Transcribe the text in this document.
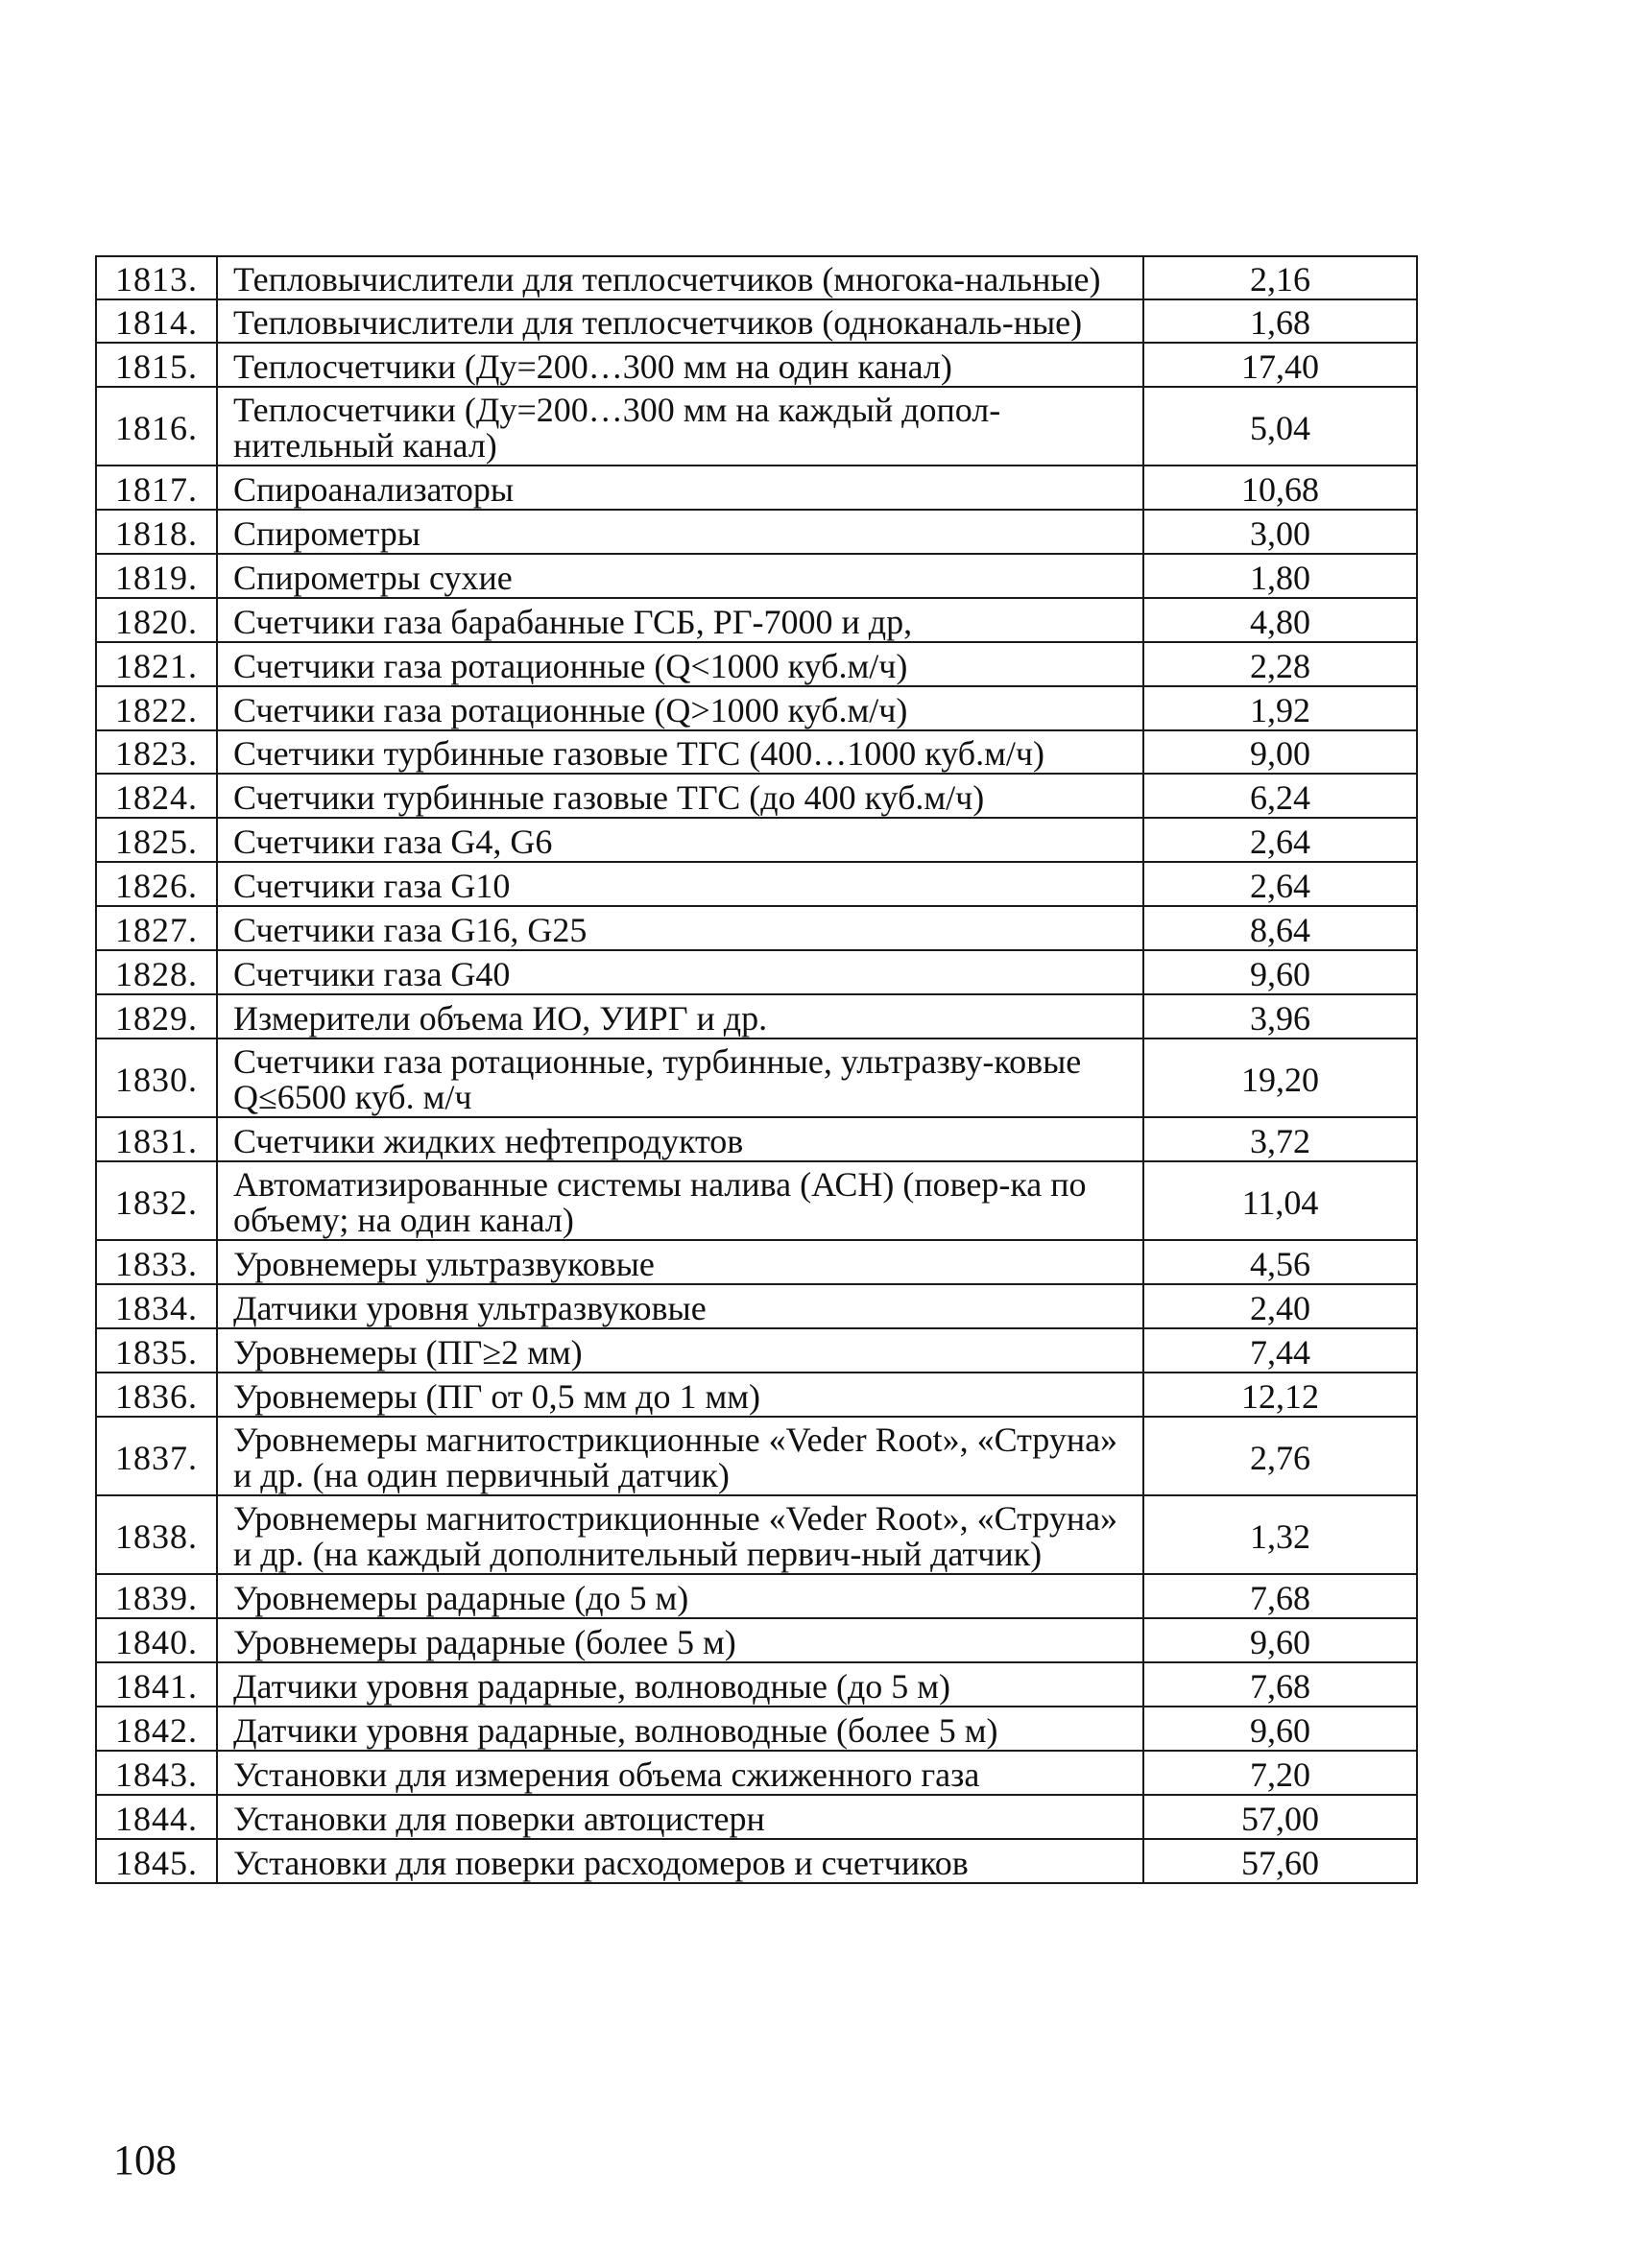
1813.	Тепловычислители для теплосчетчиков (многока-нальные)	2,16
1814.	Тепловычислители для теплосчетчиков (одноканаль-ные)	1,68
1815.	Теплосчетчики (Ду=200…300 мм на один канал)	17,40
1816.	Теплосчетчики (Ду=200…300 мм на каждый допол-нительный канал)	5,04
1817.	Спироанализаторы	10,68
1818.	Спирометры	3,00
1819.	Спирометры сухие	1,80
1820.	Счетчики газа барабанные ГСБ, РГ-7000 и др,	4,80
1821.	Счетчики газа ротационные (Q<1000 куб.м/ч)	2,28
1822.	Счетчики газа ротационные (Q>1000 куб.м/ч)	1,92
1823.	Счетчики турбинные газовые ТГС (400…1000 куб.м/ч)	9,00
1824.	Счетчики турбинные газовые ТГС (до 400 куб.м/ч)	6,24
1825.	Счетчики газа G4, G6	2,64
1826.	Счетчики газа G10	2,64
1827.	Счетчики газа G16, G25	8,64
1828.	Счетчики газа G40	9,60
1829.	Измерители объема ИО, УИРГ и др.	3,96
1830.	Счетчики газа ротационные, турбинные, ультразву-ковые Q≤6500 куб. м/ч	19,20
1831.	Счетчики жидких нефтепродуктов	3,72
1832.	Автоматизированные системы налива (АСН) (повер-ка по объему; на один канал)	11,04
1833.	Уровнемеры ультразвуковые	4,56
1834.	Датчики уровня ультразвуковые	2,40
1835.	Уровнемеры (ПГ≥2 мм)	7,44
1836.	Уровнемеры (ПГ от 0,5 мм до 1 мм)	12,12
1837.	Уровнемеры магнитострикционные «Veder Root», «Струна» и др. (на один первичный датчик)	2,76
1838.	Уровнемеры магнитострикционные «Veder Root», «Струна» и др. (на каждый дополнительный первич-ный датчик)	1,32
1839.	Уровнемеры радарные (до 5 м)	7,68
1840.	Уровнемеры радарные (более 5 м)	9,60
1841.	Датчики уровня радарные, волноводные (до 5 м)	7,68
1842.	Датчики уровня радарные, волноводные (более 5 м)	9,60
1843.	Установки для измерения объема сжиженного газа	7,20
1844.	Установки для поверки автоцистерн	57,00
1845.	Установки для поверки расходомеров и счетчиков	57,60
108
